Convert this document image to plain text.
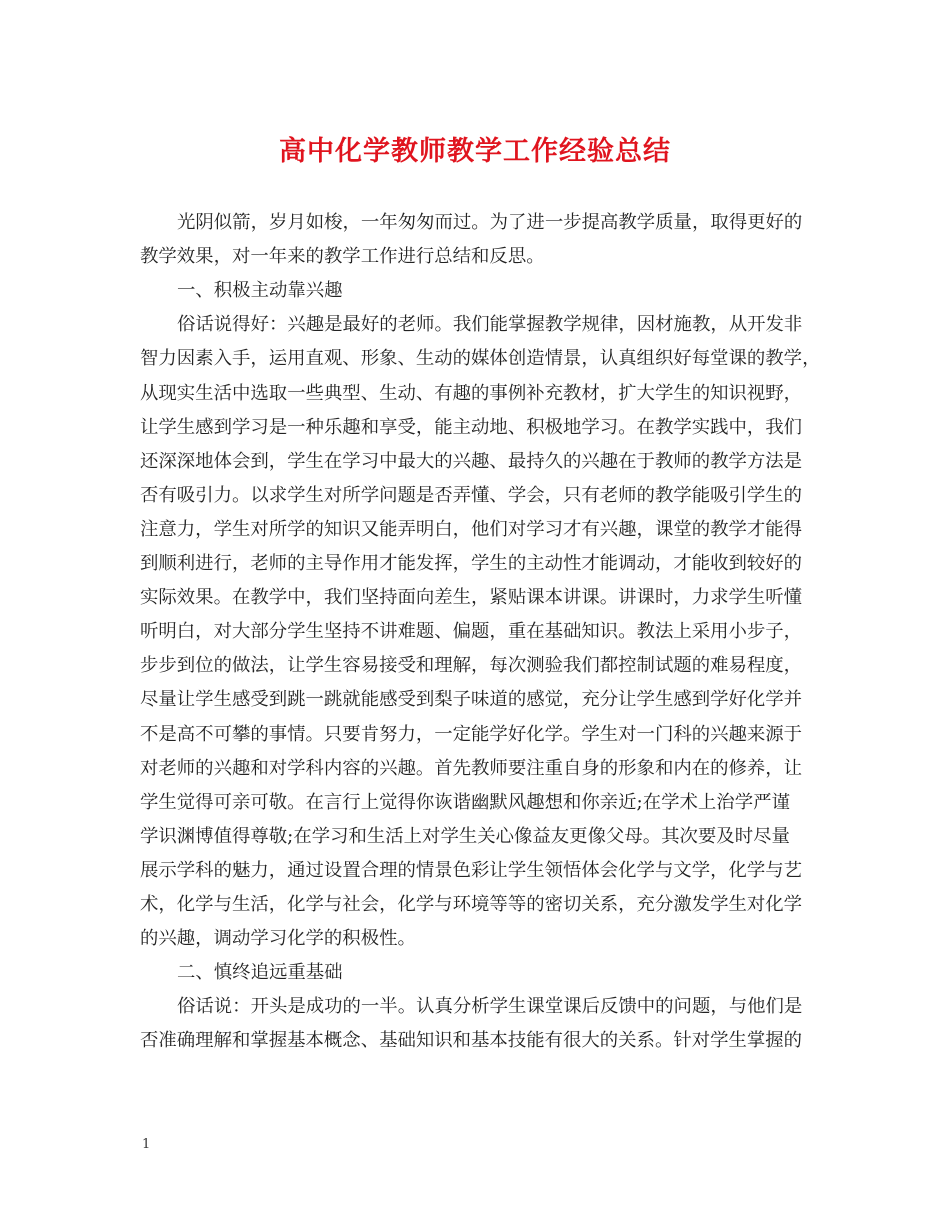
高中化学教师教学工作经验总结
光阴似箭，岁月如梭，一年匆匆而过。为了进一步提高教学质量，取得更好的
教学效果，对一年来的教学工作进行总结和反思。
一、积极主动靠兴趣
俗话说得好：兴趣是最好的老师。我们能掌握教学规律，因材施教，从开发非
智力因素入手，运用直观、形象、生动的媒体创造情景，认真组织好每堂课的教学，
从现实生活中选取一些典型、生动、有趣的事例补充教材，扩大学生的知识视野，
让学生感到学习是一种乐趣和享受，能主动地、积极地学习。在教学实践中，我们
还深深地体会到，学生在学习中最大的兴趣、最持久的兴趣在于教师的教学方法是
否有吸引力。以求学生对所学问题是否弄懂、学会，只有老师的教学能吸引学生的
注意力，学生对所学的知识又能弄明白，他们对学习才有兴趣，课堂的教学才能得
到顺利进行，老师的主导作用才能发挥，学生的主动性才能调动，才能收到较好的
实际效果。在教学中，我们坚持面向差生，紧贴课本讲课。讲课时，力求学生听懂
听明白，对大部分学生坚持不讲难题、偏题，重在基础知识。教法上采用小步子，
步步到位的做法，让学生容易接受和理解，每次测验我们都控制试题的难易程度，
尽量让学生感受到跳一跳就能感受到梨子味道的感觉，充分让学生感到学好化学并
不是高不可攀的事情。只要肯努力，一定能学好化学。学生对一门科的兴趣来源于
对老师的兴趣和对学科内容的兴趣。首先教师要注重自身的形象和内在的修养，让
学生觉得可亲可敬。在言行上觉得你诙谐幽默风趣想和你亲近;在学术上治学严谨
学识渊博值得尊敬;在学习和生活上对学生关心像益友更像父母。其次要及时尽量
展示学科的魅力，通过设置合理的情景色彩让学生领悟体会化学与文学，化学与艺
术，化学与生活，化学与社会，化学与环境等等的密切关系，充分激发学生对化学
的兴趣，调动学习化学的积极性。
二、慎终追远重基础
俗话说：开头是成功的一半。认真分析学生课堂课后反馈中的问题，与他们是
否准确理解和掌握基本概念、基础知识和基本技能有很大的关系。针对学生掌握的
1
